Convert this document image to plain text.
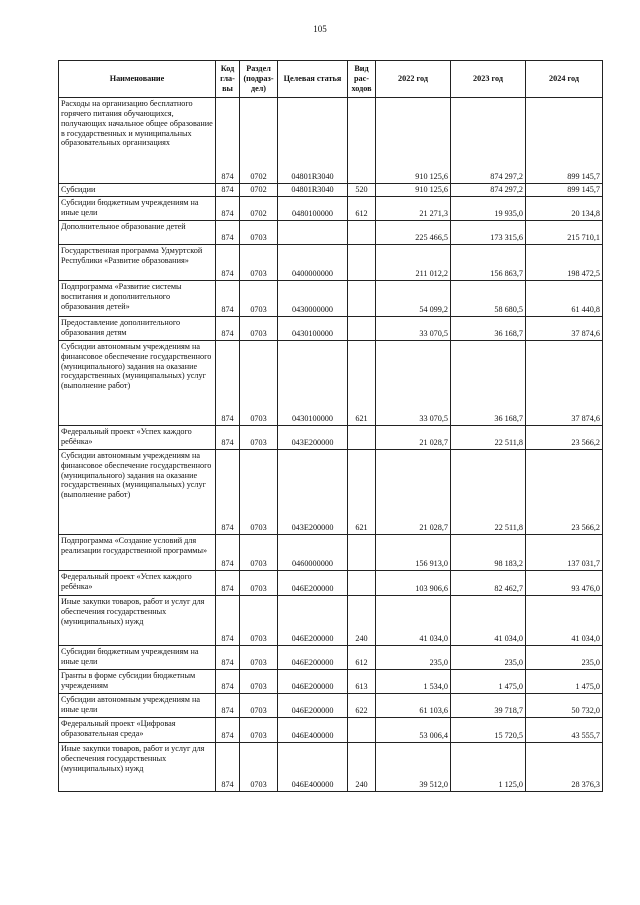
105
Наименование	Код гла- вы	Раздел (подраз- дел)	Целевая статья	Вид рас- ходов	2022 год	2023 год	2024 год
Расходы на организацию бесплатного горячего питания обучающихся, получающих начальное общее образование в государственных и муниципальных образовательных организациях	874	0702	04801R3040		910 125,6	874 297,2	899 145,7
Субсидии	874	0702	04801R3040	520	910 125,6	874 297,2	899 145,7
Субсидии бюджетным учреждениям на иные цели	874	0702	0480100000	612	21 271,3	19 935,0	20 134,8
Дополнительное образование детей	874	0703			225 466,5	173 315,6	215 710,1
Государственная программа Удмуртской Республики «Развитие образования»	874	0703	0400000000		211 012,2	156 863,7	198 472,5
Подпрограмма «Развитие системы воспитания и дополнительного образования детей»	874	0703	0430000000		54 099,2	58 680,5	61 440,8
Предоставление дополнительного образования детям	874	0703	0430100000		33 070,5	36 168,7	37 874,6
Субсидии автономным учреждениям на финансовое обеспечение государственного (муниципального) задания на оказание государственных (муниципальных) услуг (выполнение работ)	874	0703	0430100000	621	33 070,5	36 168,7	37 874,6
Федеральный проект «Успех каждого ребёнка»	874	0703	043E200000		21 028,7	22 511,8	23 566,2
Субсидии автономным учреждениям на финансовое обеспечение государственного (муниципального) задания на оказание государственных (муниципальных) услуг (выполнение работ)	874	0703	043E200000	621	21 028,7	22 511,8	23 566,2
Подпрограмма «Создание условий для реализации государственной программы»	874	0703	0460000000		156 913,0	98 183,2	137 031,7
Федеральный проект «Успех каждого ребёнка»	874	0703	046E200000		103 906,6	82 462,7	93 476,0
Иные закупки товаров, работ и услуг для обеспечения государственных (муниципальных) нужд	874	0703	046E200000	240	41 034,0	41 034,0	41 034,0
Субсидии бюджетным учреждениям на иные цели	874	0703	046E200000	612	235,0	235,0	235,0
Гранты в форме субсидии бюджетным учреждениям	874	0703	046E200000	613	1 534,0	1 475,0	1 475,0
Субсидии автономным учреждениям на иные цели	874	0703	046E200000	622	61 103,6	39 718,7	50 732,0
Федеральный проект «Цифровая образовательная среда»	874	0703	046E400000		53 006,4	15 720,5	43 555,7
Иные закупки товаров, работ и услуг для обеспечения государственных (муниципальных) нужд	874	0703	046E400000	240	39 512,0	1 125,0	28 376,3
